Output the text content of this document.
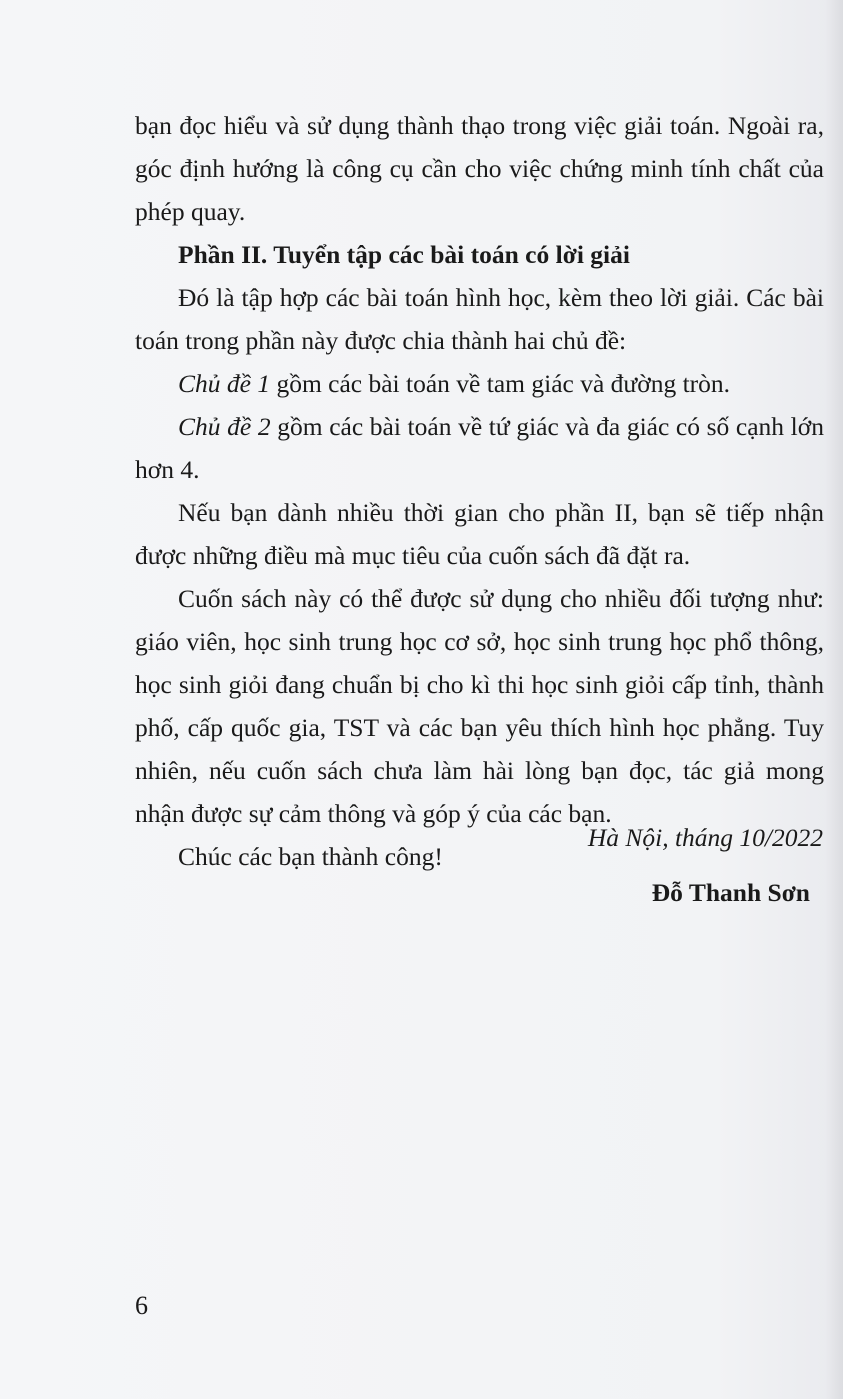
bạn đọc hiểu và sử dụng thành thạo trong việc giải toán. Ngoài ra, góc định hướng là công cụ cần cho việc chứng minh tính chất của phép quay.

Phần II. Tuyển tập các bài toán có lời giải

Đó là tập hợp các bài toán hình học, kèm theo lời giải. Các bài toán trong phần này được chia thành hai chủ đề:

Chủ đề 1 gồm các bài toán về tam giác và đường tròn.

Chủ đề 2 gồm các bài toán về tứ giác và đa giác có số cạnh lớn hơn 4.

Nếu bạn dành nhiều thời gian cho phần II, bạn sẽ tiếp nhận được những điều mà mục tiêu của cuốn sách đã đặt ra.

Cuốn sách này có thể được sử dụng cho nhiều đối tượng như: giáo viên, học sinh trung học cơ sở, học sinh trung học phổ thông, học sinh giỏi đang chuẩn bị cho kì thi học sinh giỏi cấp tỉnh, thành phố, cấp quốc gia, TST và các bạn yêu thích hình học phẳng. Tuy nhiên, nếu cuốn sách chưa làm hài lòng bạn đọc, tác giả mong nhận được sự cảm thông và góp ý của các bạn.

Chúc các bạn thành công!

Hà Nội, tháng 10/2022
Đỗ Thanh Sơn
6
